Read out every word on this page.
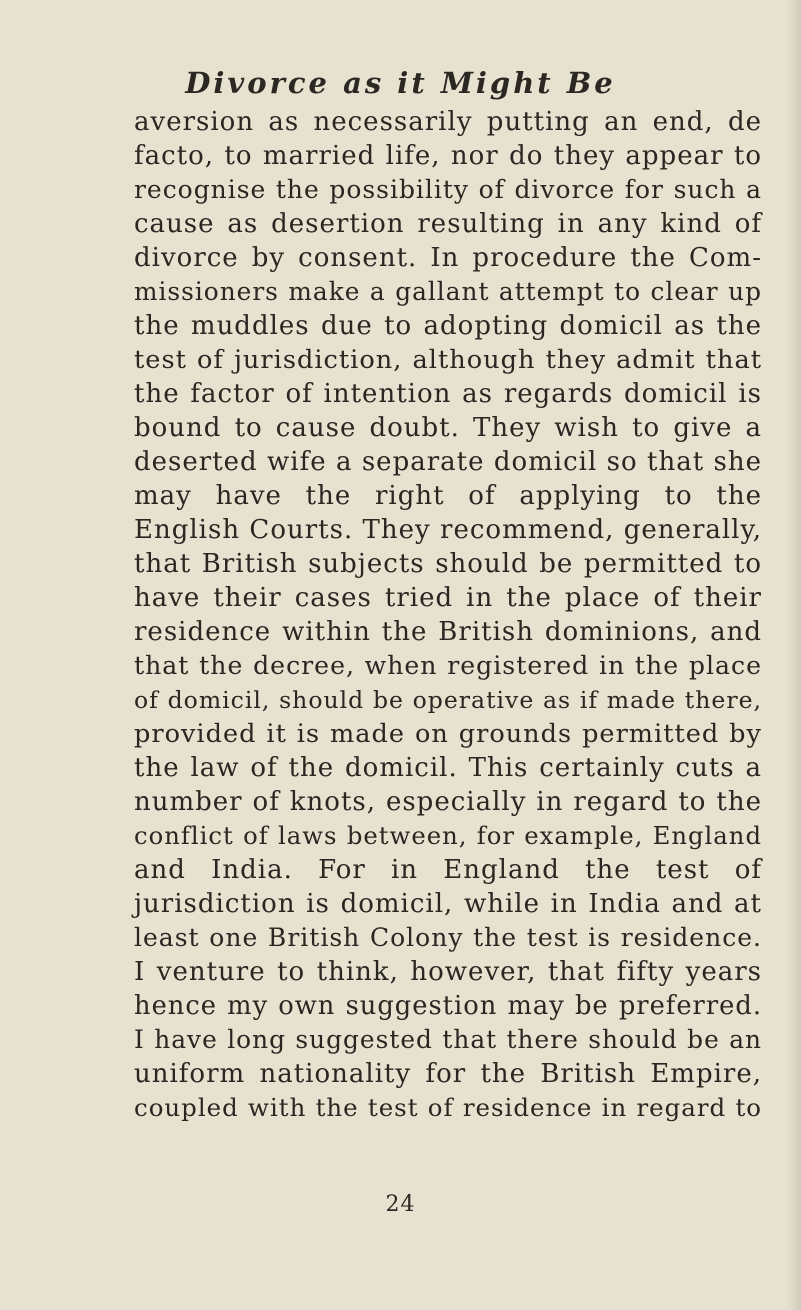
Divorce as it Might Be
aversion as necessarily putting an end, de
facto, to married life, nor do they appear to
recognise the possibility of divorce for such a
cause as desertion resulting in any kind of
divorce by consent. In procedure the Com-
missioners make a gallant attempt to clear up
the muddles due to adopting domicil as the
test of jurisdiction, although they admit that
the factor of intention as regards domicil is
bound to cause doubt. They wish to give a
deserted wife a separate domicil so that she
may have the right of applying to the
English Courts. They recommend, generally,
that British subjects should be permitted to
have their cases tried in the place of their
residence within the British dominions, and
that the decree, when registered in the place
of domicil, should be operative as if made there,
provided it is made on grounds permitted by
the law of the domicil. This certainly cuts a
number of knots, especially in regard to the
conflict of laws between, for example, England
and India. For in England the test of
jurisdiction is domicil, while in India and at
least one British Colony the test is residence.
I venture to think, however, that fifty years
hence my own suggestion may be preferred.
I have long suggested that there should be an
uniform nationality for the British Empire,
coupled with the test of residence in regard to
24
